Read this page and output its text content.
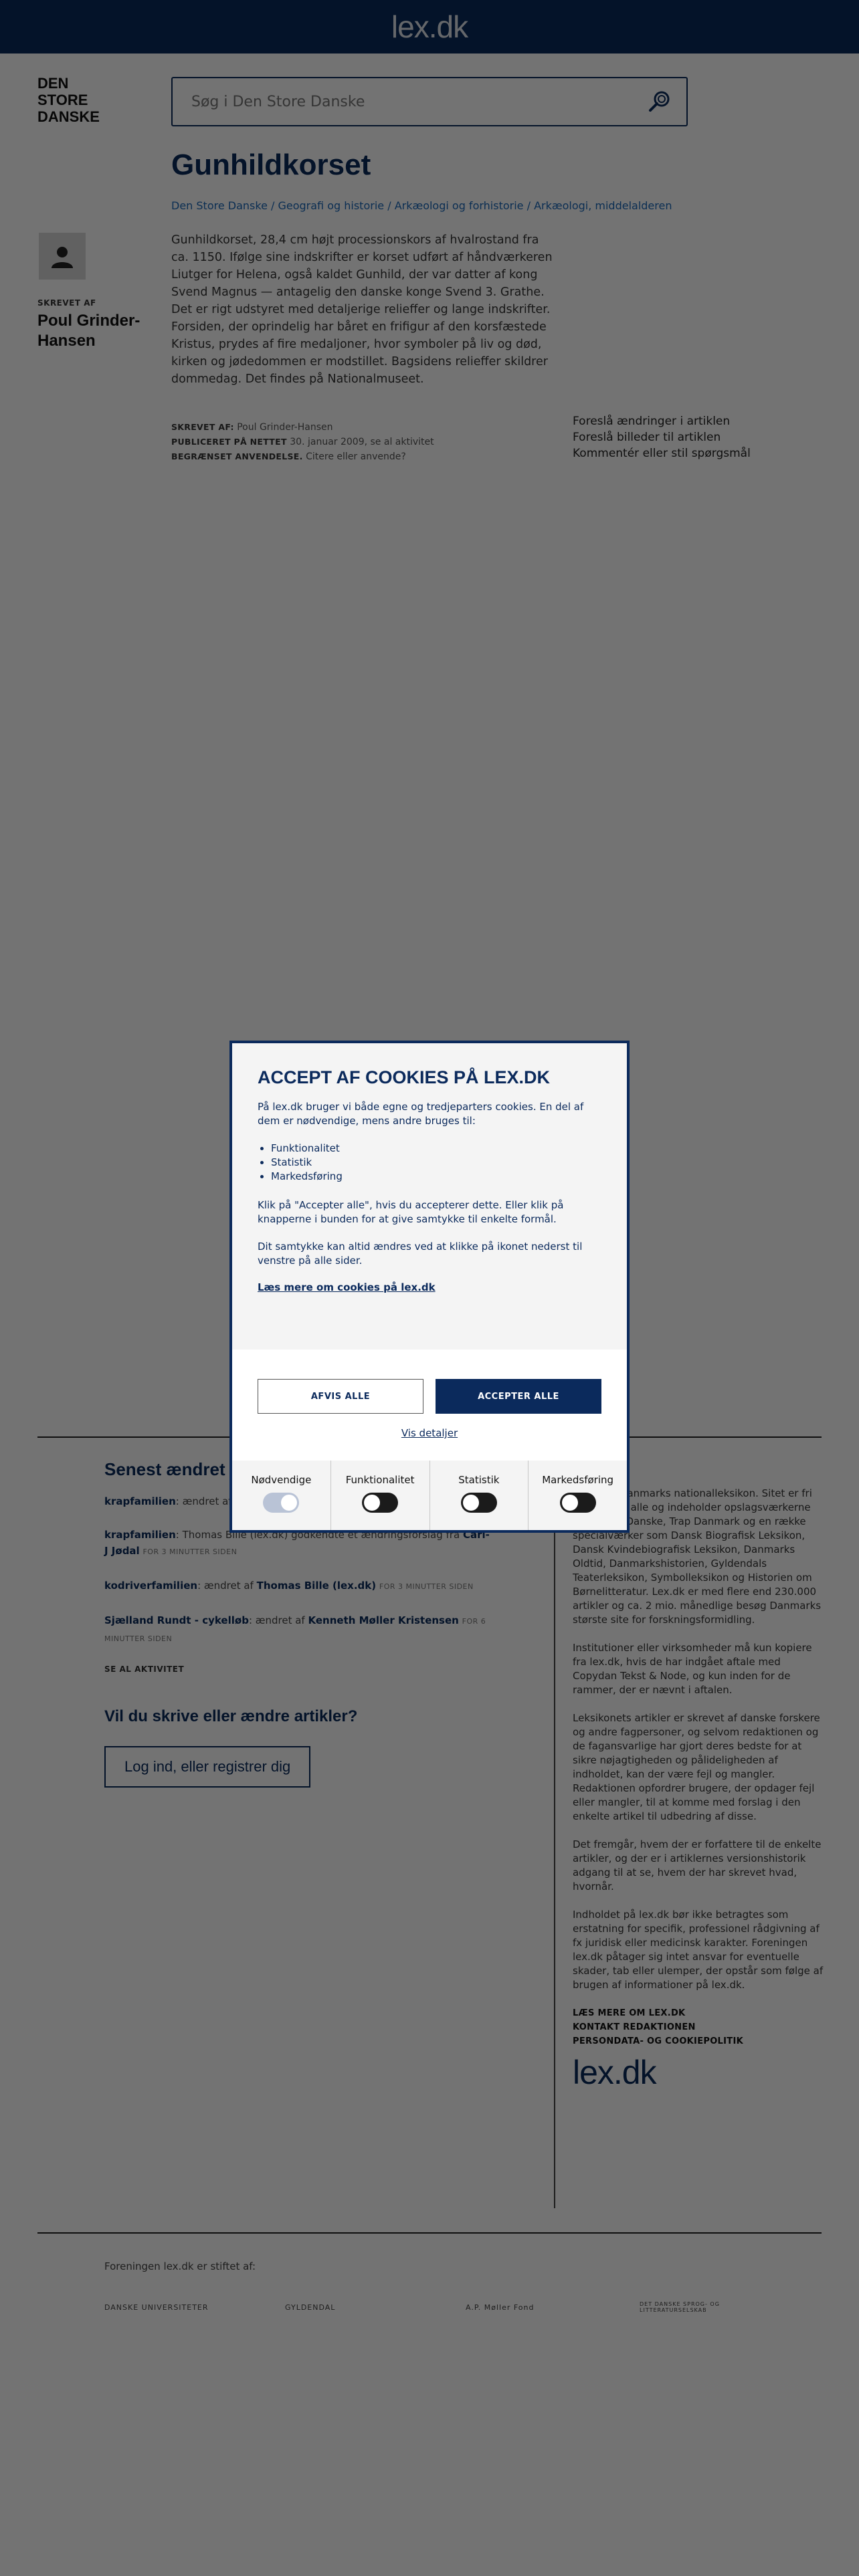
Søg i Den Store Danske

ACCEPT AF COOKIES PÅ LEX.DK

På lex.dk bruger vi både egne og tredjeparters cookies. En del af dem er nødvendige, mens andre bruges til:

• Funktionalitet
• Statistik
• Markedsføring

Klik på "Accepter alle", hvis du accepterer dette. Eller klik på knapperne i bunden for at give samtykke til enkelte formål.

Dit samtykke kan altid ændres ved at klikke på ikonet nederst til venstre på alle sider.

Læs mere om cookies på lex.dk
AFVIS ALLE	ACCEPTER ALLE
Vis detaljer
Nødvendige	Funktionalitet	Statistik	Markedsføring
